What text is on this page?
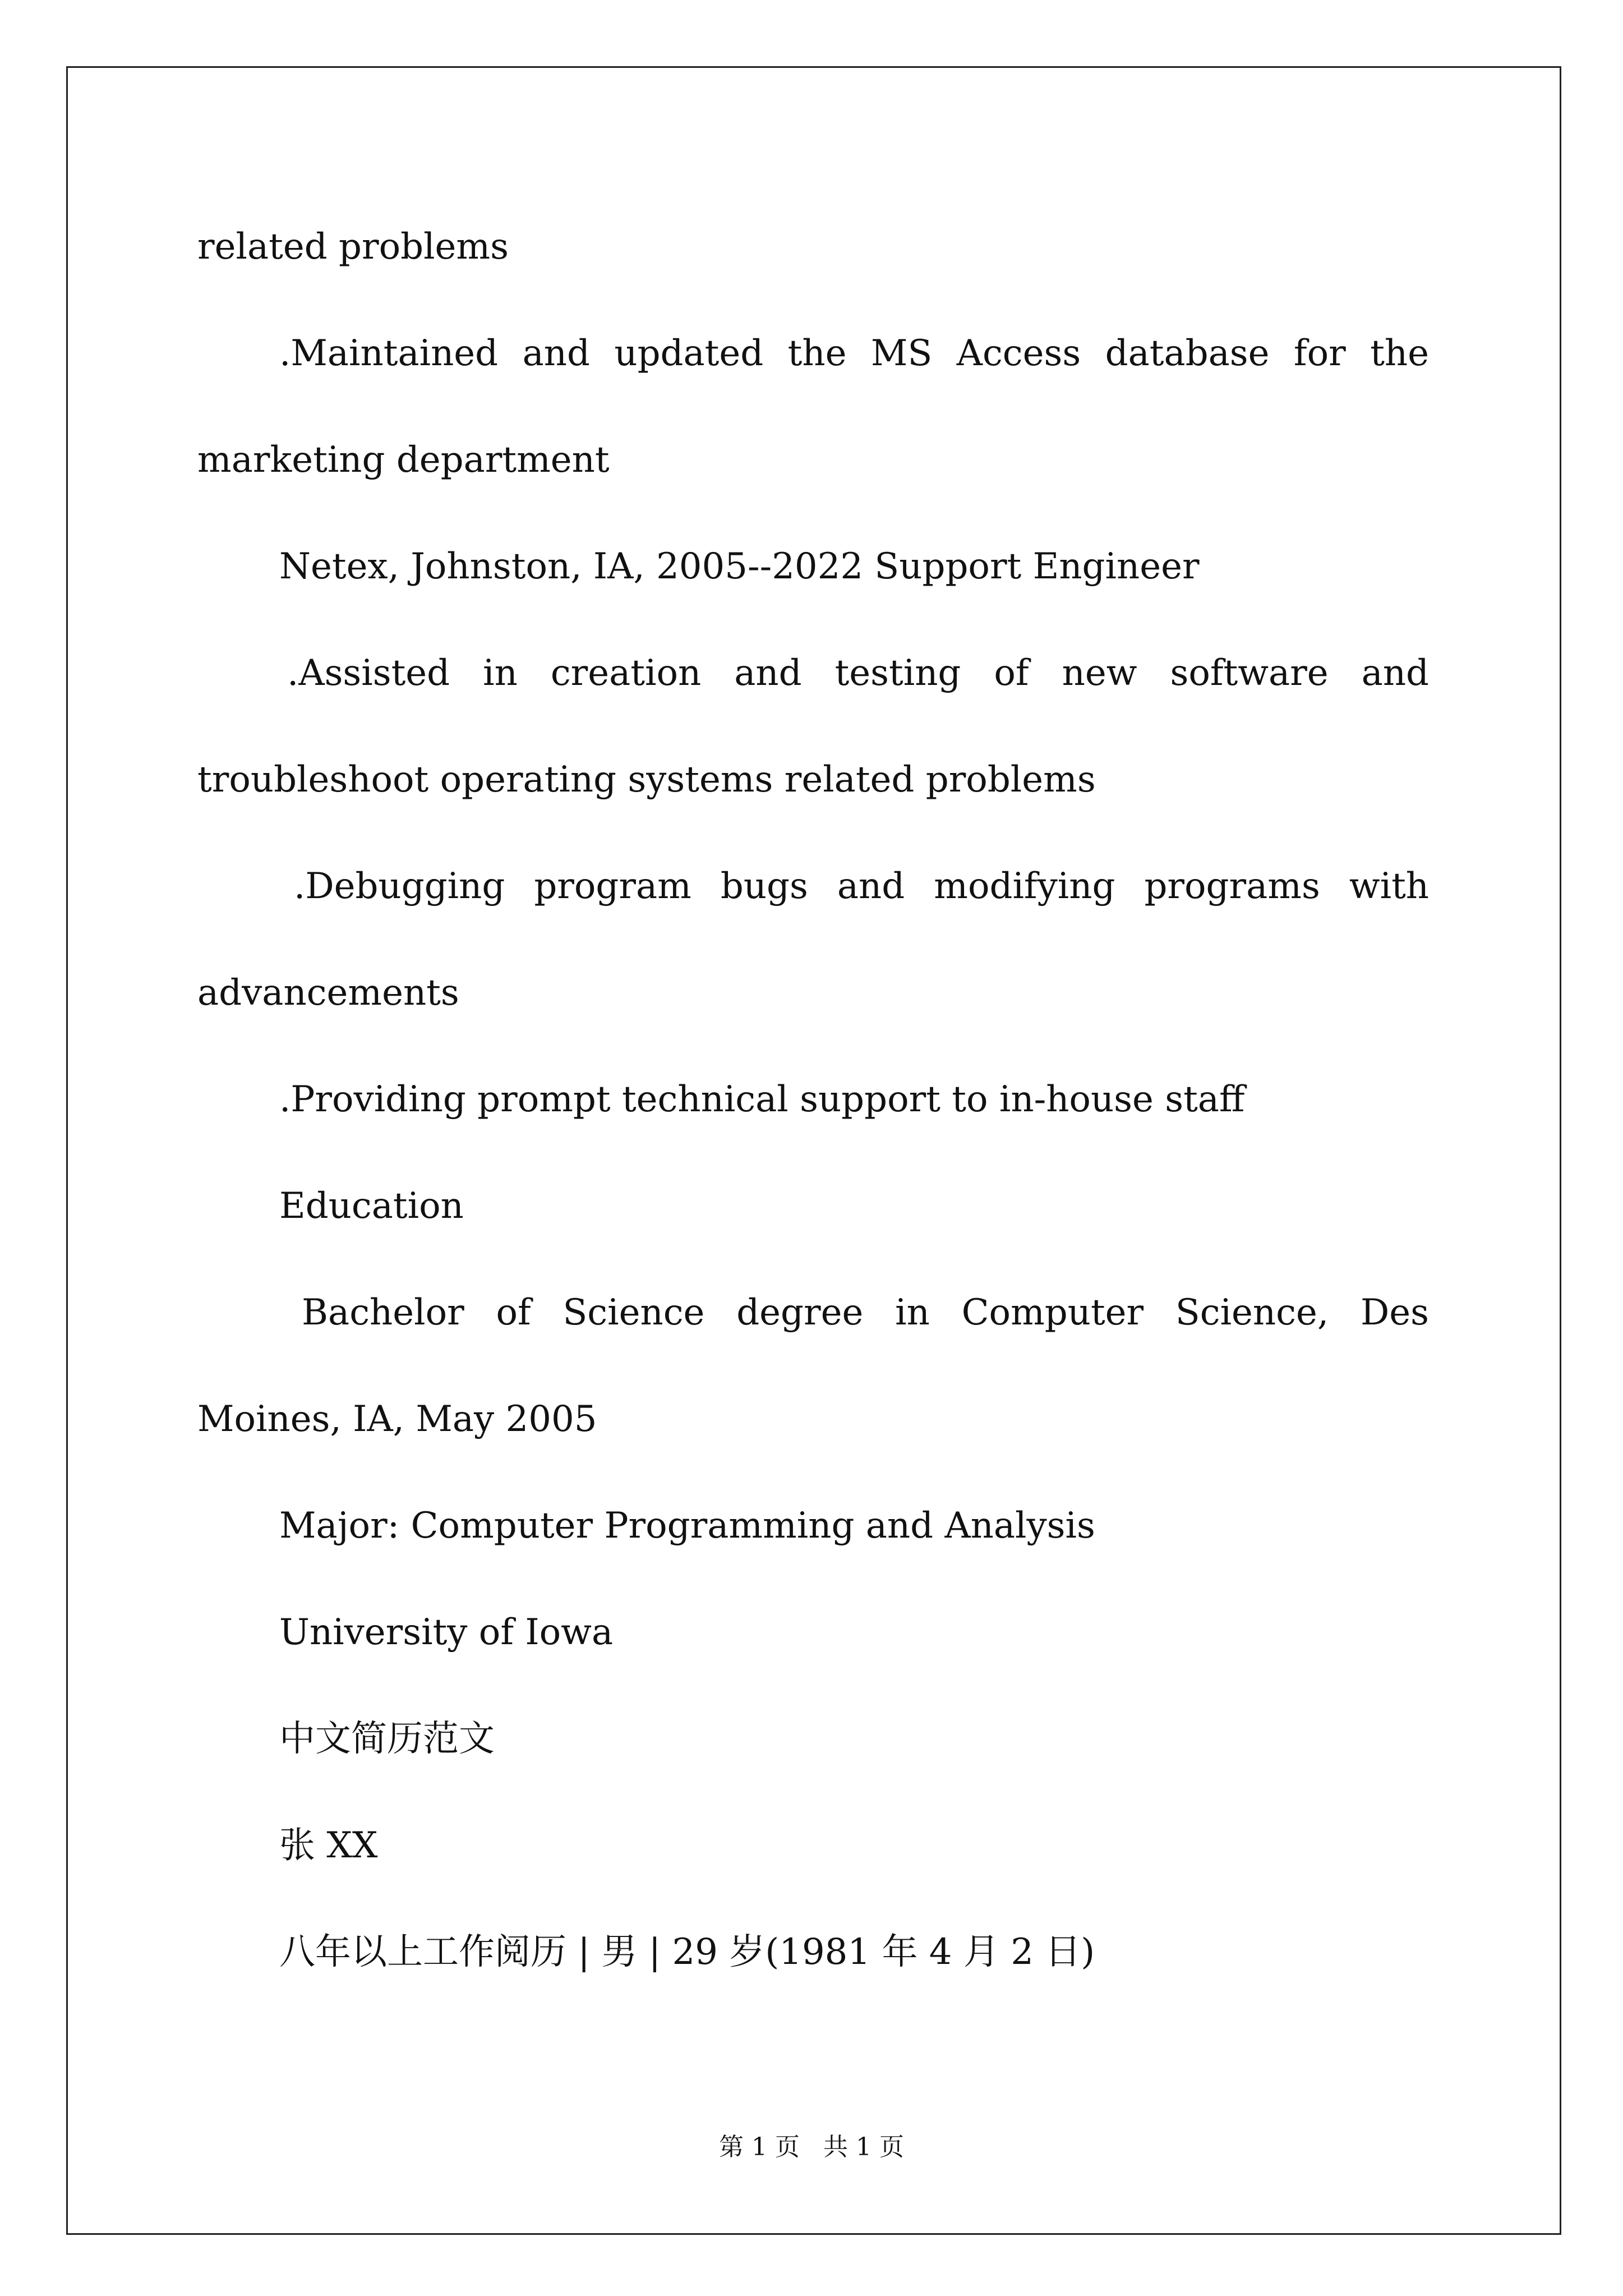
related problems
.Maintained and updated the MS Access database for the
marketing department
Netex, Johnston, IA, 2005--2022 Support Engineer
.Assisted in creation and testing of new software and
troubleshoot operating systems related problems
.Debugging program bugs and modifying programs with
advancements
.Providing prompt technical support to in-house staff
Education
Bachelor of Science degree in Computer Science, Des
Moines, IA, May 2005
Major: Computer Programming and Analysis
University of Iowa
中文简历范文
张 XX
八年以上工作阅历 | 男 | 29 岁(1981 年 4 月 2 日)
第 1 页   共 1 页
